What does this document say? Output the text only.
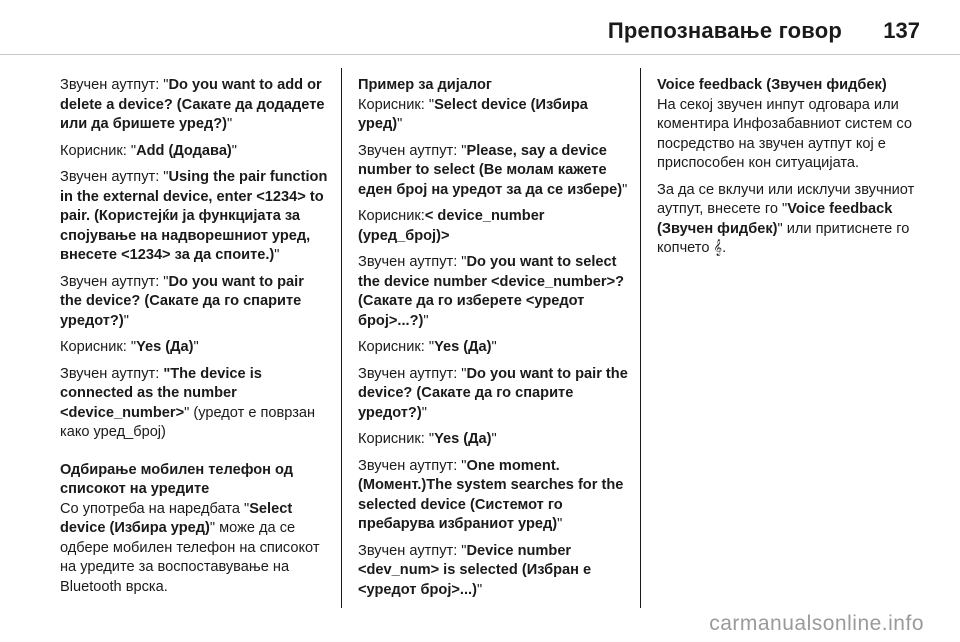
Препознавање говор 137

Звучен аутпут: "Do you want to add or delete a device? (Сакате да додадете или да бришете уред?)"

Корисник: "Add (Додава)"

Звучен аутпут: "Using the pair function in the external device, enter <1234> to pair. (Користејќи ја функцијата за спојување на надворешниот уред, внесете <1234> за да споите.)"

Звучен аутпут: "Do you want to pair the device? (Сакате да го спарите уредот?)"

Корисник: "Yes (Да)"

Звучен аутпут: "The device is connected as the number <device_number>" (уредот е поврзан како уред_број)

Одбирање мобилен телефон од списокот на уредите

Со употреба на наредбата "Select device (Избира уред)" може да се одбере мобилен телефон на списокот на уредите за воспоставување на Bluetooth врска.

Пример за дијалог

Корисник: "Select device (Избира уред)"

Звучен аутпут: "Please, say a device number to select (Ве молам кажете еден број на уредот за да се избере)"

Корисник:< device_number (уред_број)>

Звучен аутпут: "Do you want to select the device number <device_number>? (Сакате да го изберете <уредот број>...?)"

Корисник: "Yes (Да)"

Звучен аутпут: "Do you want to pair the device? (Сакате да го спарите уредот?)"

Корисник: "Yes (Да)"

Звучен аутпут: "One moment. (Момент.)The system searches for the selected device (Системот го пребарува избраниот уред)"

Звучен аутпут: "Device number <dev_num> is selected (Избран е <уредот број>...)"

Voice feedback (Звучен фидбек)

На секој звучен инпут одговара или коментира Инфозабавниот систем со посредство на звучен аутпут кој е приспособен кон ситуацијата.

За да се вклучи или исклучи звучниот аутпут, внесете го "Voice feedback (Звучен фидбек)" или притиснете го копчето 𝄞.

carmanualsonline.info
